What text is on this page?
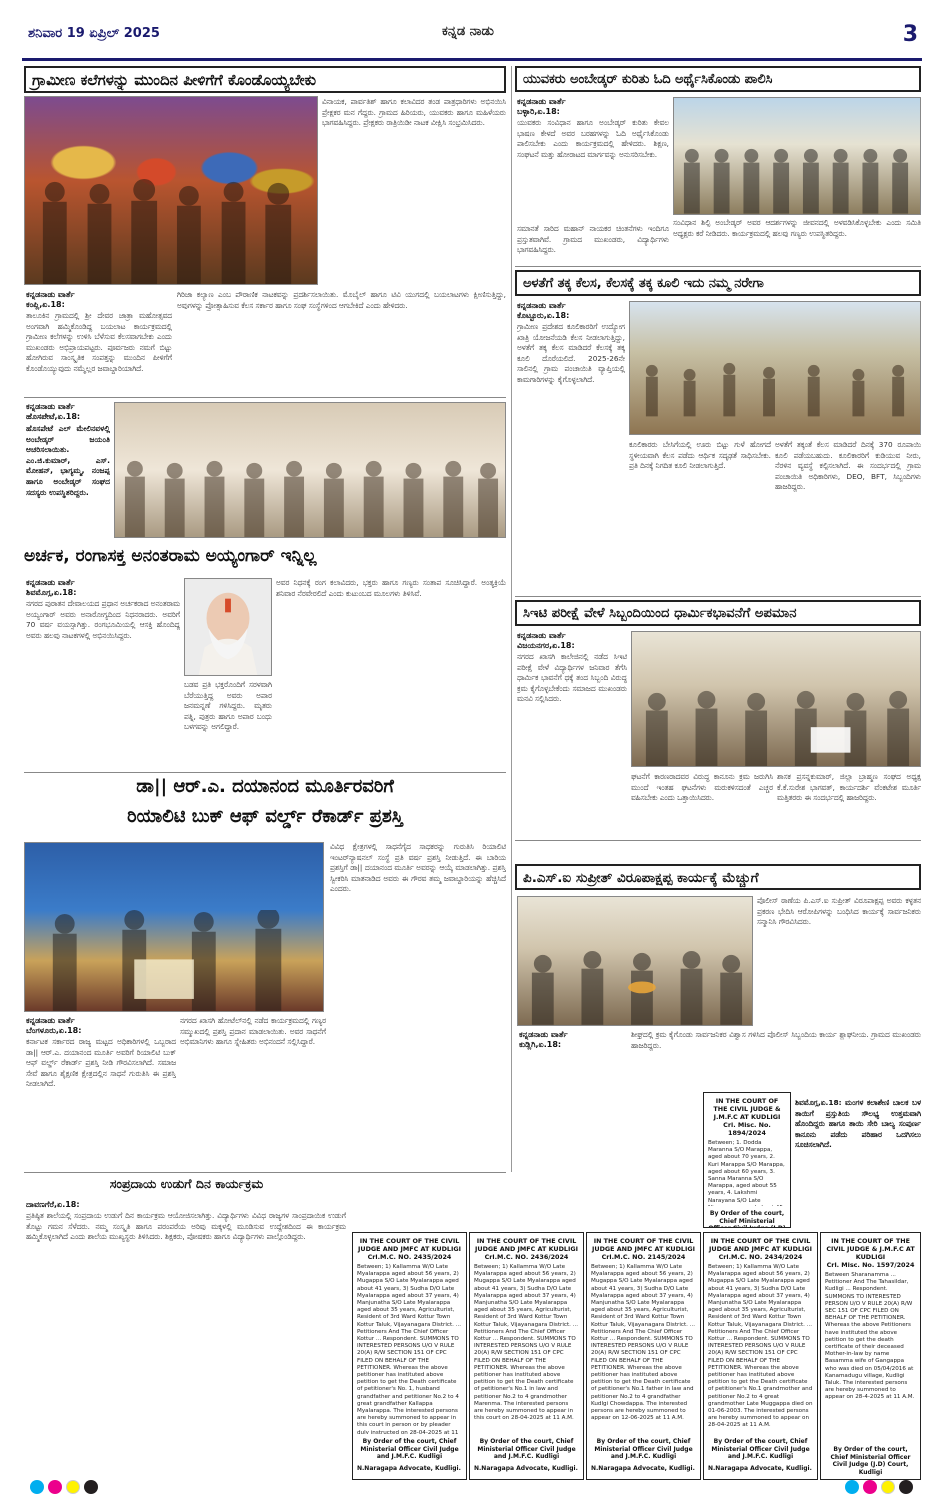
ಶನಿವಾರ 19 ಏಪ್ರಿಲ್ 2025	ಕನ್ನಡ ನಾಡು	3
ಗ್ರಾಮೀಣ ಕಲೆಗಳನ್ನು ಮುಂದಿನ ಪೀಳಿಗೆಗೆ ಕೊಂಡೊಯ್ಯಬೇಕು
ವಿನಾಯಕ, ಪಾರ್ವತಿಶ್ ಹಾಗೂ ಕಲಾವಿದರ ತಂಡ ಪಾತ್ರಧಾರಿಗಳು ಅಭಿನಯಿಸಿ ಪ್ರೇಕ್ಷಕರ ಮನ ಗೆದ್ದರು. ಗ್ರಾಮದ ಹಿರಿಯರು, ಯುವಕರು ಹಾಗೂ ಮಹಿಳೆಯರು ಭಾಗವಹಿಸಿದ್ದರು. ಪ್ರೇಕ್ಷಕರು ರಾತ್ರಿಯಿಡೀ ನಾಟಕ ವೀಕ್ಷಿಸಿ ಸಂಭ್ರಮಿಸಿದರು.
ಕನ್ನಡನಾಡು ವಾರ್ತೆ
ಕಂಪ್ಲಿ,ಏ.18:
ತಾಲೂಕಿನ ಗ್ರಾಮದಲ್ಲಿ ಶ್ರೀ ದೇವರ ಜಾತ್ರಾ ಮಹೋತ್ಸವದ ಅಂಗವಾಗಿ ಹಮ್ಮಿಕೊಂಡಿದ್ದ ಬಯಲಾಟ ಕಾರ್ಯಕ್ರಮದಲ್ಲಿ ಗ್ರಾಮೀಣ ಕಲೆಗಳನ್ನು ಉಳಿಸಿ ಬೆಳೆಸುವ ಕೆಲಸವಾಗಬೇಕು ಎಂದು ಮುಖಂಡರು ಅಭಿಪ್ರಾಯಪಟ್ಟರು. ಪೂರ್ವಜರು ನಮಗೆ ಬಿಟ್ಟು ಹೋಗಿರುವ ಸಾಂಸ್ಕೃತಿಕ ಸಂಪತ್ತನ್ನು ಮುಂದಿನ ಪೀಳಿಗೆಗೆ ಕೊಂಡೊಯ್ಯುವುದು ನಮ್ಮೆಲ್ಲರ ಜವಾಬ್ದಾರಿಯಾಗಿದೆ.
ಗಿರಿಜಾ ಕಲ್ಯಾಣ ಎಂಬ ಪೌರಾಣಿಕ ನಾಟಕವನ್ನು ಪ್ರದರ್ಶಿಸಲಾಯಿತು. ಮೊಬೈಲ್ ಹಾಗೂ ಟಿವಿ ಯುಗದಲ್ಲಿ ಬಯಲಾಟಗಳು ಕ್ಷೀಣಿಸುತ್ತಿದ್ದು, ಅವುಗಳನ್ನು ಪ್ರೋತ್ಸಾಹಿಸುವ ಕೆಲಸ ಸರ್ಕಾರ ಹಾಗೂ ಸಂಘ ಸಂಸ್ಥೆಗಳಿಂದ ಆಗಬೇಕಿದೆ ಎಂದು ಹೇಳಿದರು.
ಕನ್ನಡನಾಡು ವಾರ್ತೆ
ಹೊಸಪೇಟೆ,ಏ.18:
ಹೊಸಪೇಟೆ ಎಲ್ ಮೇಲಿನವಳಲ್ಲಿ ಅಂಬೇಡ್ಕರ್ ಜಯಂತಿ ಆಚರಿಸಲಾಯಿತು. ಎಂ.ಜಿ.ಕುಮಾರ್, ಎಸ್. ಮೋಹನ್, ಭಾಗ್ಯಮ್ಮ, ನಂಜಪ್ಪ ಹಾಗೂ ಅಂಬೇಡ್ಕರ್ ಸಂಘದ ಸದಸ್ಯರು ಉಪಸ್ಥಿತರಿದ್ದರು.
ಅರ್ಚಕ, ರಂಗಾಸಕ್ತ ಅನಂತರಾಮ ಅಯ್ಯಂಗಾರ್ ಇನ್ನಿಲ್ಲ
ಕನ್ನಡನಾಡು ವಾರ್ತೆ
ಶಿವಮೊಗ್ಗ,ಏ.18:
ನಗರದ ಪುರಾತನ ದೇವಾಲಯದ ಪ್ರಧಾನ ಅರ್ಚಕರಾದ ಅನಂತರಾಮ ಅಯ್ಯಂಗಾರ್ ಅವರು ಅನಾರೋಗ್ಯದಿಂದ ನಿಧನರಾದರು. ಅವರಿಗೆ 70 ವರ್ಷ ವಯಸ್ಸಾಗಿತ್ತು. ರಂಗಭೂಮಿಯಲ್ಲಿ ಆಸಕ್ತಿ ಹೊಂದಿದ್ದ ಅವರು ಹಲವು ನಾಟಕಗಳಲ್ಲಿ ಅಭಿನಯಿಸಿದ್ದರು.
ಬಡವ ಪ್ರತಿ ಭಕ್ತರೊಂದಿಗೆ ಸರಳವಾಗಿ ಬೆರೆಯುತ್ತಿದ್ದ ಅವರು ಅಪಾರ ಜನಮನ್ನಣೆ ಗಳಿಸಿದ್ದರು. ಮೃತರು ಪತ್ನಿ, ಪುತ್ರರು ಹಾಗೂ ಅಪಾರ ಬಂಧು ಬಳಗವನ್ನು ಅಗಲಿದ್ದಾರೆ.
ಅವರ ನಿಧನಕ್ಕೆ ರಂಗ ಕಲಾವಿದರು, ಭಕ್ತರು ಹಾಗೂ ಗಣ್ಯರು ಸಂತಾಪ ಸೂಚಿಸಿದ್ದಾರೆ. ಅಂತ್ಯಕ್ರಿಯೆ ಶನಿವಾರ ನೆರವೇರಲಿದೆ ಎಂದು ಕುಟುಂಬದ ಮೂಲಗಳು ತಿಳಿಸಿವೆ.
ಡಾ|| ಆರ್.ಎ. ದಯಾನಂದ ಮೂರ್ತಿರವರಿಗೆ
ರಿಯಾಲಿಟಿ ಬುಕ್ ಆಫ್ ವರ್ಲ್ಡ್ ರೆಕಾರ್ಡ್ ಪ್ರಶಸ್ತಿ
ವಿವಿಧ ಕ್ಷೇತ್ರಗಳಲ್ಲಿ ಸಾಧನೆಗೈದ ಸಾಧಕರನ್ನು ಗುರುತಿಸಿ ರಿಯಾಲಿಟಿ ಇಂಟರ್‌ನ್ಯಾಷನಲ್ ಸಂಸ್ಥೆ ಪ್ರತಿ ವರ್ಷ ಪ್ರಶಸ್ತಿ ನೀಡುತ್ತಿದೆ. ಈ ಬಾರಿಯ ಪ್ರಶಸ್ತಿಗೆ ಡಾ|| ದಯಾನಂದ ಮೂರ್ತಿ ಅವರನ್ನು ಆಯ್ಕೆ ಮಾಡಲಾಗಿತ್ತು. ಪ್ರಶಸ್ತಿ ಸ್ವೀಕರಿಸಿ ಮಾತನಾಡಿದ ಅವರು ಈ ಗೌರವ ತಮ್ಮ ಜವಾಬ್ದಾರಿಯನ್ನು ಹೆಚ್ಚಿಸಿದೆ ಎಂದರು.
ಕನ್ನಡನಾಡು ವಾರ್ತೆ
ಬೆಂಗಳೂರು,ಏ.18:
ಕರ್ನಾಟಕ ಸರ್ಕಾರದ ರಾಜ್ಯ ಮಟ್ಟದ ಅಧಿಕಾರಿಗಳಲ್ಲಿ ಒಬ್ಬರಾದ ಡಾ|| ಆರ್.ಎ. ದಯಾನಂದ ಮೂರ್ತಿ ಅವರಿಗೆ ರಿಯಾಲಿಟಿ ಬುಕ್ ಆಫ್ ವರ್ಲ್ಡ್ ರೆಕಾರ್ಡ್ ಪ್ರಶಸ್ತಿ ನೀಡಿ ಗೌರವಿಸಲಾಗಿದೆ. ಸಮಾಜ ಸೇವೆ ಹಾಗೂ ಶೈಕ್ಷಣಿಕ ಕ್ಷೇತ್ರದಲ್ಲಿನ ಸಾಧನೆ ಗುರುತಿಸಿ ಈ ಪ್ರಶಸ್ತಿ ನೀಡಲಾಗಿದೆ.
ನಗರದ ಖಾಸಗಿ ಹೋಟೆಲ್‌ನಲ್ಲಿ ನಡೆದ ಕಾರ್ಯಕ್ರಮದಲ್ಲಿ ಗಣ್ಯರ ಸಮ್ಮುಖದಲ್ಲಿ ಪ್ರಶಸ್ತಿ ಪ್ರದಾನ ಮಾಡಲಾಯಿತು. ಅವರ ಸಾಧನೆಗೆ ಅಭಿಮಾನಿಗಳು ಹಾಗೂ ಸ್ನೇಹಿತರು ಅಭಿನಂದನೆ ಸಲ್ಲಿಸಿದ್ದಾರೆ.
ಸಂಪ್ರದಾಯ ಉಡುಗೆ ದಿನ ಕಾರ್ಯಕ್ರಮ
ದಾವಣಗೆರೆ,ಏ.18:
ಪ್ರತಿಷ್ಠಿತ ಶಾಲೆಯಲ್ಲಿ ಸಂಪ್ರದಾಯ ಉಡುಗೆ ದಿನ ಕಾರ್ಯಕ್ರಮ ಆಯೋಜಿಸಲಾಗಿತ್ತು. ವಿದ್ಯಾರ್ಥಿಗಳು ವಿವಿಧ ರಾಜ್ಯಗಳ ಸಾಂಪ್ರದಾಯಿಕ ಉಡುಗೆ ತೊಟ್ಟು ಗಮನ ಸೆಳೆದರು. ನಮ್ಮ ಸಂಸ್ಕೃತಿ ಹಾಗೂ ಪರಂಪರೆಯ ಅರಿವು ಮಕ್ಕಳಲ್ಲಿ ಮೂಡಿಸುವ ಉದ್ದೇಶದಿಂದ ಈ ಕಾರ್ಯಕ್ರಮ ಹಮ್ಮಿಕೊಳ್ಳಲಾಗಿದೆ ಎಂದು ಶಾಲೆಯ ಮುಖ್ಯಸ್ಥರು ತಿಳಿಸಿದರು. ಶಿಕ್ಷಕರು, ಪೋಷಕರು ಹಾಗೂ ವಿದ್ಯಾರ್ಥಿಗಳು ಪಾಲ್ಗೊಂಡಿದ್ದರು.
ಯುವಕರು ಅಂಬೇಡ್ಕರ್ ಕುರಿತು ಓದಿ ಅರ್ಥೈಸಿಕೊಂಡು ಪಾಲಿಸಿ
ಕನ್ನಡನಾಡು ವಾರ್ತೆ
ಬಳ್ಳಾರಿ,ಏ.18:
ಯುವಕರು ಸಂವಿಧಾನ ಹಾಗೂ ಅಂಬೇಡ್ಕರ್ ಕುರಿತು ಕೇವಲ ಭಾಷಣ ಕೇಳದೆ ಅವರ ಬರಹಗಳನ್ನು ಓದಿ ಅರ್ಥೈಸಿಕೊಂಡು ಪಾಲಿಸಬೇಕು ಎಂದು ಕಾರ್ಯಕ್ರಮದಲ್ಲಿ ಹೇಳಿದರು. ಶಿಕ್ಷಣ, ಸಂಘಟನೆ ಮತ್ತು ಹೋರಾಟದ ಮಾರ್ಗವನ್ನು ಅನುಸರಿಸಬೇಕು.
ಸಮಾನತೆ ಸಾರಿದ ಮಹಾನ್ ನಾಯಕರ ಚಿಂತನೆಗಳು ಇಂದಿಗೂ ಪ್ರಸ್ತುತವಾಗಿವೆ. ಗ್ರಾಮದ ಮುಖಂಡರು, ವಿದ್ಯಾರ್ಥಿಗಳು ಭಾಗವಹಿಸಿದ್ದರು.
ಸಂವಿಧಾನ ಶಿಲ್ಪಿ ಅಂಬೇಡ್ಕರ್ ಅವರ ಆದರ್ಶಗಳನ್ನು ಜೀವನದಲ್ಲಿ ಅಳವಡಿಸಿಕೊಳ್ಳಬೇಕು ಎಂದು ಸಮಿತಿ ಅಧ್ಯಕ್ಷರು ಕರೆ ನೀಡಿದರು. ಕಾರ್ಯಕ್ರಮದಲ್ಲಿ ಹಲವು ಗಣ್ಯರು ಉಪಸ್ಥಿತರಿದ್ದರು.
ಅಳತೆಗೆ ತಕ್ಕ ಕೆಲಸ, ಕೆಲಸಕ್ಕೆ ತಕ್ಕ ಕೂಲಿ ಇದು ನಮ್ಮ ನರೇಗಾ
ಕನ್ನಡನಾಡು ವಾರ್ತೆ
ಕೊಟ್ಟೂರು,ಏ.18:
ಗ್ರಾಮೀಣ ಪ್ರದೇಶದ ಕೂಲಿಕಾರರಿಗೆ ಉದ್ಯೋಗ ಖಾತ್ರಿ ಯೋಜನೆಯಡಿ ಕೆಲಸ ನೀಡಲಾಗುತ್ತಿದ್ದು, ಅಳತೆಗೆ ತಕ್ಕ ಕೆಲಸ ಮಾಡಿದರೆ ಕೆಲಸಕ್ಕೆ ತಕ್ಕ ಕೂಲಿ ದೊರೆಯಲಿದೆ. 2025-26ನೇ ಸಾಲಿನಲ್ಲಿ ಗ್ರಾಮ ಪಂಚಾಯಿತಿ ವ್ಯಾಪ್ತಿಯಲ್ಲಿ ಕಾಮಗಾರಿಗಳನ್ನು ಕೈಗೊಳ್ಳಲಾಗಿದೆ.
ಕೂಲಿಕಾರರು ಬೇಸಿಗೆಯಲ್ಲಿ ಊರು ಬಿಟ್ಟು ಗುಳೆ ಹೋಗದೆ ಸ್ಥಳೀಯವಾಗಿ ಕೆಲಸ ಪಡೆದು ಆರ್ಥಿಕ ಸದೃಢತೆ ಸಾಧಿಸಬೇಕು. ಪ್ರತಿ ದಿನಕ್ಕೆ ನಿಗದಿತ ಕೂಲಿ ನೀಡಲಾಗುತ್ತಿದೆ.
ಅಳತೆಗೆ ತಕ್ಕಂತೆ ಕೆಲಸ ಮಾಡಿದರೆ ದಿನಕ್ಕೆ 370 ರೂಪಾಯಿ ಕೂಲಿ ಪಡೆಯಬಹುದು. ಕೂಲಿಕಾರರಿಗೆ ಕುಡಿಯುವ ನೀರು, ನೆರಳಿನ ವ್ಯವಸ್ಥೆ ಕಲ್ಪಿಸಲಾಗಿದೆ. ಈ ಸಂದರ್ಭದಲ್ಲಿ ಗ್ರಾಮ ಪಂಚಾಯಿತಿ ಅಧಿಕಾರಿಗಳು, DEO, BFT, ಸಿಬ್ಬಂದಿಗಳು ಹಾಜರಿದ್ದರು.
ಸಿಇಟಿ ಪರೀಕ್ಷೆ ವೇಳೆ ಸಿಬ್ಬಂದಿಯಿಂದ ಧಾರ್ಮಿಕಭಾವನೆಗೆ ಅಪಮಾನ
ಕನ್ನಡನಾಡು ವಾರ್ತೆ
ವಿಜಯನಗರ,ಏ.18:
ನಗರದ ಖಾಸಗಿ ಕಾಲೇಜಿನಲ್ಲಿ ನಡೆದ ಸಿಇಟಿ ಪರೀಕ್ಷೆ ವೇಳೆ ವಿದ್ಯಾರ್ಥಿಗಳ ಜನಿವಾರ ತೆಗೆಸಿ ಧಾರ್ಮಿಕ ಭಾವನೆಗೆ ಧಕ್ಕೆ ತಂದ ಸಿಬ್ಬಂದಿ ವಿರುದ್ಧ ಕ್ರಮ ಕೈಗೊಳ್ಳಬೇಕೆಂದು ಸಮಾಜದ ಮುಖಂಡರು ಮನವಿ ಸಲ್ಲಿಸಿದರು.
ಘಟನೆಗೆ ಕಾರಣರಾದವರ ವಿರುದ್ಧ ಕಾನೂನು ಕ್ರಮ ಜರುಗಿಸಿ ಮುಂದೆ ಇಂತಹ ಘಟನೆಗಳು ಮರುಕಳಿಸದಂತೆ ಎಚ್ಚರ ವಹಿಸಬೇಕು ಎಂದು ಒತ್ತಾಯಿಸಿದರು.
ಶಾಸಕ ಪ್ರಸನ್ನಕುಮಾರ್, ಜಿಲ್ಲಾ ಬ್ರಾಹ್ಮಣ ಸಂಘದ ಅಧ್ಯಕ್ಷ ಕೆ.ಕೆ.ಸುರೇಶ ಭಾಗವತ್, ಕಾರ್ಯದರ್ಶಿ ವೆಂಕಟೇಶ ಮೂರ್ತಿ ಮತ್ತಿತರರು ಈ ಸಂದರ್ಭದಲ್ಲಿ ಹಾಜರಿದ್ದರು.
ಪಿ.ಎಸ್.ಐ ಸುಪ್ರೀತ್ ವಿರೂಪಾಕ್ಷಪ್ಪ ಕಾರ್ಯಕ್ಕೆ ಮೆಚ್ಚುಗೆ
ಪೊಲೀಸ್ ಠಾಣೆಯ ಪಿ.ಎಸ್.ಐ ಸುಪ್ರೀತ್ ವಿರೂಪಾಕ್ಷಪ್ಪ ಅವರು ಕಳ್ಳತನ ಪ್ರಕರಣ ಭೇದಿಸಿ ಆರೋಪಿಗಳನ್ನು ಬಂಧಿಸಿದ ಕಾರ್ಯಕ್ಕೆ ಸಾರ್ವಜನಿಕರು ಸನ್ಮಾನಿಸಿ ಗೌರವಿಸಿದರು.
ಕನ್ನಡನಾಡು ವಾರ್ತೆ
ಕುಡ್ಲಿಗಿ,ಏ.18:
ಶೀಘ್ರದಲ್ಲಿ ಕ್ರಮ ಕೈಗೊಂಡು ಸಾರ್ವಜನಿಕರ ವಿಶ್ವಾಸ ಗಳಿಸಿದ ಪೊಲೀಸ್ ಸಿಬ್ಬಂದಿಯ ಕಾರ್ಯ ಶ್ಲಾಘನೀಯ. ಗ್ರಾಮದ ಮುಖಂಡರು ಹಾಜರಿದ್ದರು.
ಶಿವಮೊಗ್ಗ,ಏ.18: ಮಂಗಳ ಕಲಾಶೇಣಿ ಬಾಲಕ ಬಳ ತಾಯಿಗೆ ಪ್ರಸ್ತುತಿಯ ಸೌಲಭ್ಯ ಉತ್ತಮವಾಗಿ ಹೊಂದಿದ್ದರು ಹಾಗೂ ತಾಯಿ ಸೇರಿ ಬಾಲ್ಯ ಸಂಪುರ್ಣ ಕಾನೂನು ಪಡೆದು ಪರಿಹಾರ ಒದಗಿಸಲು ಸೂಚಿಸಲಾಗಿದೆ.
IN THE COURT OF THE CIVIL JUDGE AND JMFC AT KUDLIGI
Crl.M.C. NO. 2435/2024
Between; 1) Kallamma W/O Late Myalarappa aged about 56 years, 2) Mugappa S/O Late Myalarappa aged about 41 years, 3) Sudha D/O Late Myalarappa aged about 37 years, 4) Manjunatha S/O Late Myalarappa aged about 35 years, Agriculturist, Resident of 3rd Ward Kottur Town Kottur Taluk, Vijayanagara District. ... Petitioners And The Chief Officer Kottur ... Respondent. SUMMONS TO INTERESTED PERSONS U/O V RULE 20(A) R/W SECTION 151 OF CPC FILED ON BEHALF OF THE PETITIONER. Whereas the above petitioner has instituted above petition to get the Death certificate of petitioner's No. 1, husband grandfather and petitioner No.2 to 4 great grandfather Kallappa Myalarappa. The interested persons are hereby summoned to appear in this court in person or by pleader duly instructed on 28-04-2025 at 11
By Order of the court, Chief Ministerial Officer Civil Judge and J.M.F.C. Kudligi
N.Naragapa Advocate, Kudligi.
IN THE COURT OF THE CIVIL JUDGE AND JMFC AT KUDLIGI
Crl.M.C. NO. 2436/2024
Between; 1) Kallamma W/O Late Myalarappa aged about 56 years, 2) Mugappa S/O Late Myalarappa aged about 41 years, 3) Sudha D/O Late Myalarappa aged about 37 years, 4) Manjunatha S/O Late Myalarappa aged about 35 years, Agriculturist, Resident of 3rd Ward Kottur Town Kottur Taluk, Vijayanagara District. ... Petitioners And The Chief Officer Kottur ... Respondent. SUMMONS TO INTERESTED PERSONS U/O V RULE 20(A) R/W SECTION 151 OF CPC FILED ON BEHALF OF THE PETITIONER. Whereas the above petitioner has instituted above petition to get the Death certificate of petitioner's No.1 in law and petitioner No.2 to 4 grandmother Marenma. The interested persons are hereby summoned to appear in this court on 28-04-2025 at 11 A.M.
By Order of the court, Chief Ministerial Officer Civil Judge and J.M.F.C. Kudligi
N.Naragapa Advocate, Kudligi.
IN THE COURT OF THE CIVIL JUDGE AND JMFC AT KUDLIGI
Crl.M.C. NO. 2145/2024
Between; 1) Kallamma W/O Late Myalarappa aged about 56 years, 2) Mugappa S/O Late Myalarappa aged about 41 years, 3) Sudha D/O Late Myalarappa aged about 37 years, 4) Manjunatha S/O Late Myalarappa aged about 35 years, Agriculturist, Resident of 3rd Ward Kottur Town Kottur Taluk, Vijayanagara District. ... Petitioners And The Chief Officer Kottur ... Respondent. SUMMONS TO INTERESTED PERSONS U/O V RULE 20(A) R/W SECTION 151 OF CPC FILED ON BEHALF OF THE PETITIONER. Whereas the above petitioner has instituted above petition to get the Death certificate of petitioner's No.1 father in law and petitioner No.2 to 4 grandfather Kudlgi Chowdappa. The interested persons are hereby summoned to appear on 12-06-2025 at 11 A.M.
By Order of the court, Chief Ministerial Officer Civil Judge and J.M.F.C. Kudligi
N.Naragapa Advocate, Kudligi.
IN THE COURT OF THE CIVIL JUDGE AND JMFC AT KUDLIGI
Crl.M.C. NO. 2434/2024
Between; 1) Kallamma W/O Late Myalarappa aged about 56 years, 2) Mugappa S/O Late Myalarappa aged about 41 years, 3) Sudha D/O Late Myalarappa aged about 37 years, 4) Manjunatha S/O Late Myalarappa aged about 35 years, Agriculturist, Resident of 3rd Ward Kottur Town Kottur Taluk, Vijayanagara District. ... Petitioners And The Chief Officer Kottur ... Respondent. SUMMONS TO INTERESTED PERSONS U/O V RULE 20(A) R/W SECTION 151 OF CPC FILED ON BEHALF OF THE PETITIONER. Whereas the above petitioner has instituted above petition to get the Death certificate of petitioner's No.1 grandmother and petitioner No.2 to 4 great grandmother Late Muggappa died on 01-06-2003. The interested persons are hereby summoned to appear on 28-04-2025 at 11 A.M.
By Order of the court, Chief Ministerial Officer Civil Judge and J.M.F.C. Kudligi
N.Naragapa Advocate, Kudligi.
IN THE COURT OF THE CIVIL JUDGE & J.M.F.C AT KUDLIGI
Crl. Misc. No. 1597/2024
Between Sharanamma ... Petitioner And The Tahasildar, Kudligi ... Respondent. SUMMONS TO INTERESTED PERSON U/O V RULE 20(A) R/W SEC 151 OF CPC FILED ON BEHALF OF THE PETITIONER. Whereas the above Petitioners have instituted the above petition to get the death certificate of their deceased Mother-in-law by name Basamma wife of Gangappa who was died on 05/04/2016 at Kanamadugu village, Kudligi Taluk. The interested persons are hereby summoned to appear on 28-4-2025 at 11 A.M.
By Order of the court, Chief Ministerial Officer Civil Judge (J.D) Court, Kudligi
IN THE COURT OF THE CIVIL JUDGE & J.M.F.C AT KUDLIGI
Crl. Misc. No. 1894/2024
Between; 1. Dodda Maranna S/O Marappa, aged about 70 years, 2. Kuri Marappa S/O Marappa, aged about 60 years, 3. Sanna Maranna S/O Marappa, aged about 55 years, 4. Lakshmi Narayana S/O Late
By Order of the court, Chief Ministerial
